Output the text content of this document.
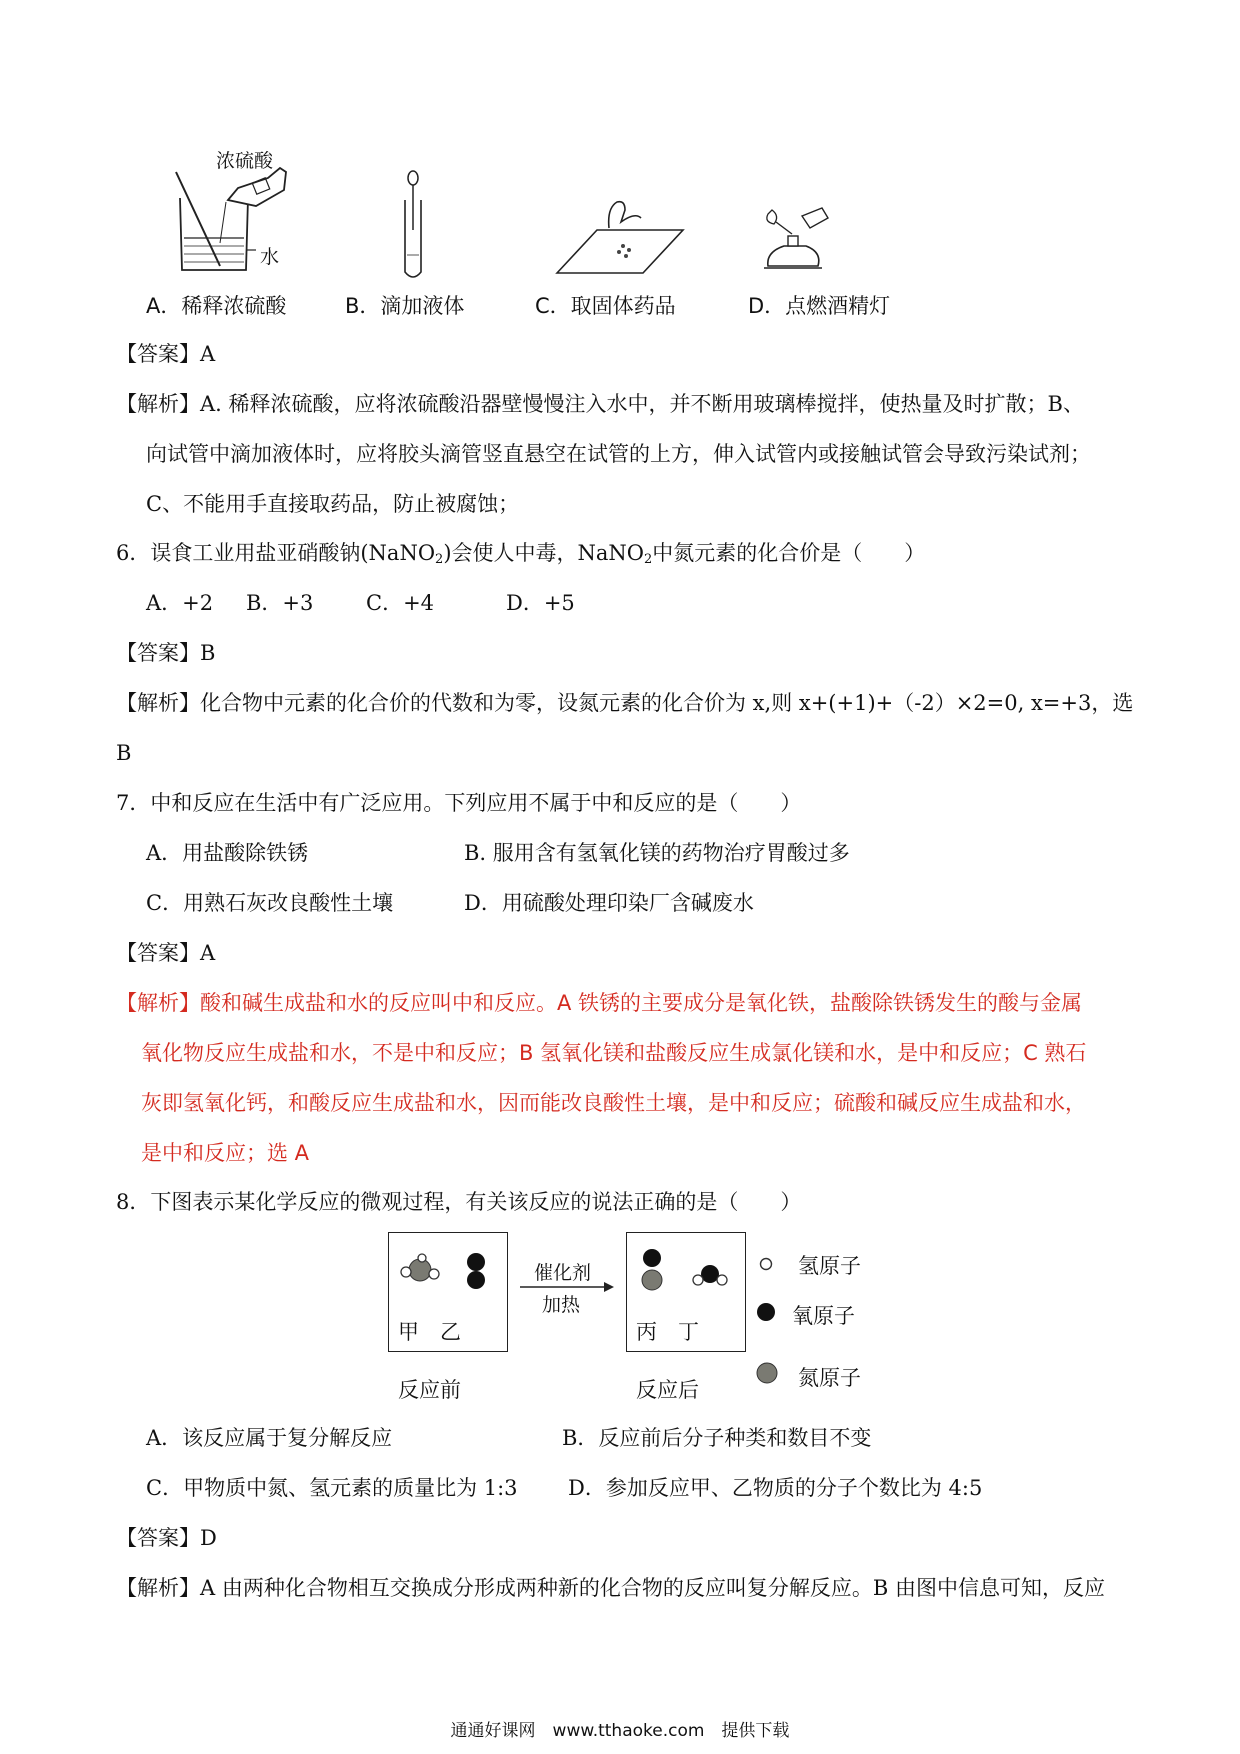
浓硫酸
水
A．稀释浓硫酸	B．滴加液体	C．取固体药品	D．点燃酒精灯
【答案】A
【解析】A. 稀释浓硫酸，应将浓硫酸沿器壁慢慢注入水中，并不断用玻璃棒搅拌，使热量及时扩散；B、
向试管中滴加液体时，应将胶头滴管竖直悬空在试管的上方，伸入试管内或接触试管会导致污染试剂；
C、不能用手直接取药品，防止被腐蚀；
6．误食工业用盐亚硝酸钠(NaNO$_2$)会使人中毒，NaNO$_2$中氮元素的化合价是（　　）
A．+2 B．+3	C．+4	D．+5
【答案】B
【解析】化合物中元素的化合价的代数和为零，设氮元素的化合价为 x,则 x+(+1)+（-2）×2=0, x=+3，选
B
7．中和反应在生活中有广泛应用。下列应用不属于中和反应的是（　　）
A．用盐酸除铁锈	B. 服用含有氢氧化镁的药物治疗胃酸过多
C．用熟石灰改良酸性土壤	D．用硫酸处理印染厂含碱废水
【答案】A
【解析】酸和碱生成盐和水的反应叫中和反应。A 铁锈的主要成分是氧化铁，盐酸除铁锈发生的酸与金属
氧化物反应生成盐和水，不是中和反应；B 氢氧化镁和盐酸反应生成氯化镁和水，是中和反应；C 熟石
灰即氢氧化钙，和酸反应生成盐和水，因而能改良酸性土壤，是中和反应；硫酸和碱反应生成盐和水，
是中和反应；选 A
8．下图表示某化学反应的微观过程，有关该反应的说法正确的是（　　）
甲　乙
催化剂
加热
丙　丁
反应前	反应后
氢原子
氧原子
氮原子
A．该反应属于复分解反应	B．反应前后分子种类和数目不变
C．甲物质中氮、氢元素的质量比为 1:3 D．参加反应甲、乙物质的分子个数比为 4:5
【答案】D
【解析】A 由两种化合物相互交换成分形成两种新的化合物的反应叫复分解反应。B 由图中信息可知，反应
通通好课网　www.tthaoke.com　提供下载
